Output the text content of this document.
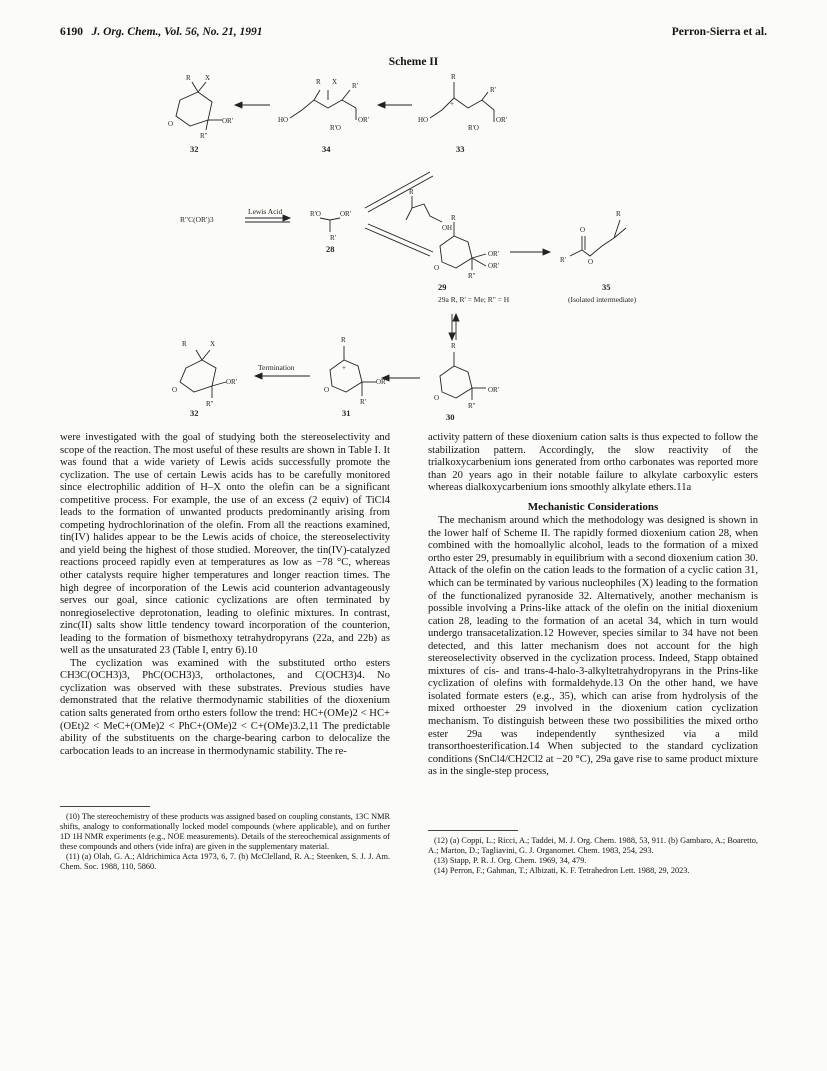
6190 J. Org. Chem., Vol. 56, No. 21, 1991	Perron-Sierra et al.
Scheme II
R X
OR'
O
R"
32
R X R'
HO
R'O
OR'
34
R
+
R'
HO
R'O
OR'
33
R"C(OR')3
Lewis Acid	R'O	OR'
R'
28
R
OH
R
OR'
OR'
O
R"
29
29a R, R' = Me; R" = H
R
O
O
R'
35
(Isolated intermediate)
R	X
OR'
O
R"
32
Termination
R
+
OR'
O
R'
31
R
OR'
O
R"
30

were investigated with the goal of studying both the stereoselectivity and scope of the reaction. The most useful of these results are shown in Table I. It was found that a wide variety of Lewis acids successfully promote the cyclization. The use of certain Lewis acids has to be carefully monitored since electrophilic addition of H–X onto the olefin can be a significant competitive process. For example, the use of an excess (2 equiv) of TiCl4 leads to the formation of unwanted products predominantly arising from competing hydrochlorination of the olefin. From all the reactions examined, tin(IV) halides appear to be the Lewis acids of choice, the stereoselectivity and yield being the highest of those studied. Moreover, the tin(IV)-catalyzed reactions proceed rapidly even at temperatures as low as −78 °C, whereas other catalysts require higher temperatures and longer reaction times. The high degree of incorporation of the Lewis acid counterion advantageously serves our goal, since cationic cyclizations are often terminated by nonregioselective deprotonation, leading to olefinic mixtures. In contrast, zinc(II) salts show little tendency toward incorporation of the counterion, leading to the formation of bismethoxy tetrahydropyrans (22a, and 22b) as well as the unsaturated 23 (Table I, entry 6).10

The cyclization was examined with the substituted ortho esters CH3C(OCH3)3, PhC(OCH3)3, ortholactones, and C(OCH3)4. No cyclization was observed with these substrates. Previous studies have demonstrated that the relative thermodynamic stabilities of the dioxenium cation salts generated from ortho esters follow the trend: HC+(OMe)2 < HC+(OEt)2 < MeC+(OMe)2 < PhC+(OMe)2 < C+(OMe)3.2,11 The predictable ability of the substituents on the charge-bearing carbon to delocalize the carbocation leads to an increase in thermodynamic stability. The re-

activity pattern of these dioxenium cation salts is thus expected to follow the stabilization pattern. Accordingly, the slow reactivity of the trialkoxycarbenium ions generated from ortho carbonates was reported more than 20 years ago in their notable failure to alkylate carboxylic esters whereas dialkoxycarbenium ions smoothly alkylate ethers.11a

Mechanistic Considerations

The mechanism around which the methodology was designed is shown in the lower half of Scheme II. The rapidly formed dioxenium cation 28, when combined with the homoallylic alcohol, leads to the formation of a mixed ortho ester 29, presumably in equilibrium with a second dioxenium cation 30. Attack of the olefin on the cation leads to the formation of a cyclic cation 31, which can be terminated by various nucleophiles (X) leading to the formation of the functionalized pyranoside 32. Alternatively, another mechanism is possible involving a Prins-like attack of the olefin on the initial dioxenium cation 28, leading to the formation of an acetal 34, which in turn would undergo transacetalization.12 However, species similar to 34 have not been detected, and this latter mechanism does not account for the high stereoselectivity observed in the cyclization process. Indeed, Stapp obtained mixtures of cis- and trans-4-halo-3-alkyltetrahydropyrans in the Prins-like cyclization of olefins with formaldehyde.13 On the other hand, we have isolated formate esters (e.g., 35), which can arise from hydrolysis of the mixed orthoester 29 involved in the dioxenium cation cyclization mechanism. To distinguish between these two possibilities the mixed ortho ester 29a was independently synthesized via a mild transorthoesterification.14 When subjected to the standard cyclization conditions (SnCl4/CH2Cl2 at −20 °C), 29a gave rise to same product mixture as in the single-step process,

(10) The stereochemistry of these products was assigned based on coupling constants, 13C NMR shifts, analogy to conformationally locked model compounds (where applicable), and on further 1D 1H NMR experiments (e.g., NOE measurements). Details of the stereochemical assignments of these compounds and others (vide infra) are given in the supplementary material.

(11) (a) Olah, G. A.; Aldrichimica Acta 1973, 6, 7. (b) McClelland, R. A.; Steenken, S. J. J. Am. Chem. Soc. 1988, 110, 5860.

(12) (a) Coppi, L.; Ricci, A.; Taddei, M. J. Org. Chem. 1988, 53, 911. (b) Gambaro, A.; Boaretto, A.; Marton, D.; Tagliavini, G. J. Organomet. Chem. 1983, 254, 293.

(13) Stapp, P. R. J. Org. Chem. 1969, 34, 479.

(14) Perron, F.; Gahman, T.; Albizati, K. F. Tetrahedron Lett. 1988, 29, 2023.
